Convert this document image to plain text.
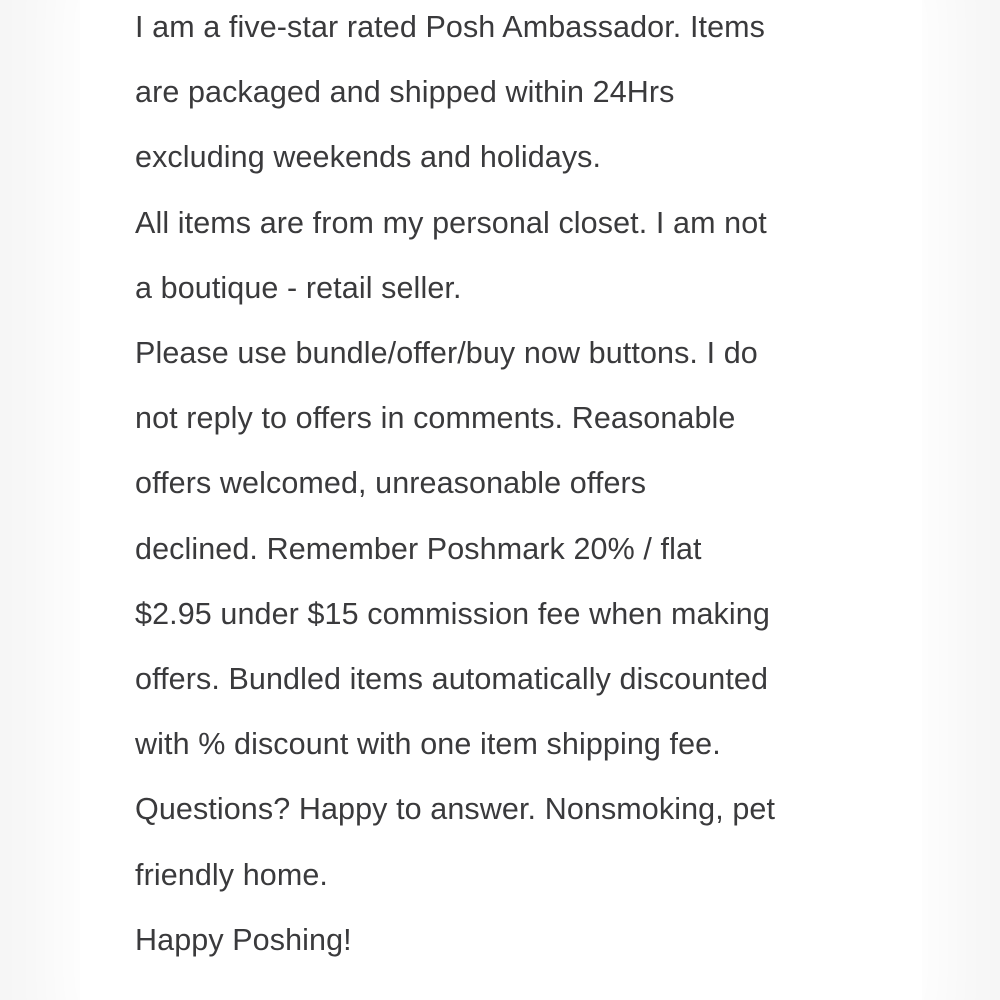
I am a five-star rated Posh Ambassador. Items
are packaged and shipped within 24Hrs
excluding weekends and holidays.
All items are from my personal closet. I am not
a boutique - retail seller.
Please use bundle/offer/buy now buttons. I do
not reply to offers in comments. Reasonable
offers welcomed, unreasonable offers
declined. Remember Poshmark 20% / flat
$2.95 under $15 commission fee when making
offers. Bundled items automatically discounted
with % discount with one item shipping fee.
Questions? Happy to answer. Nonsmoking, pet
friendly home.
Happy Poshing!
